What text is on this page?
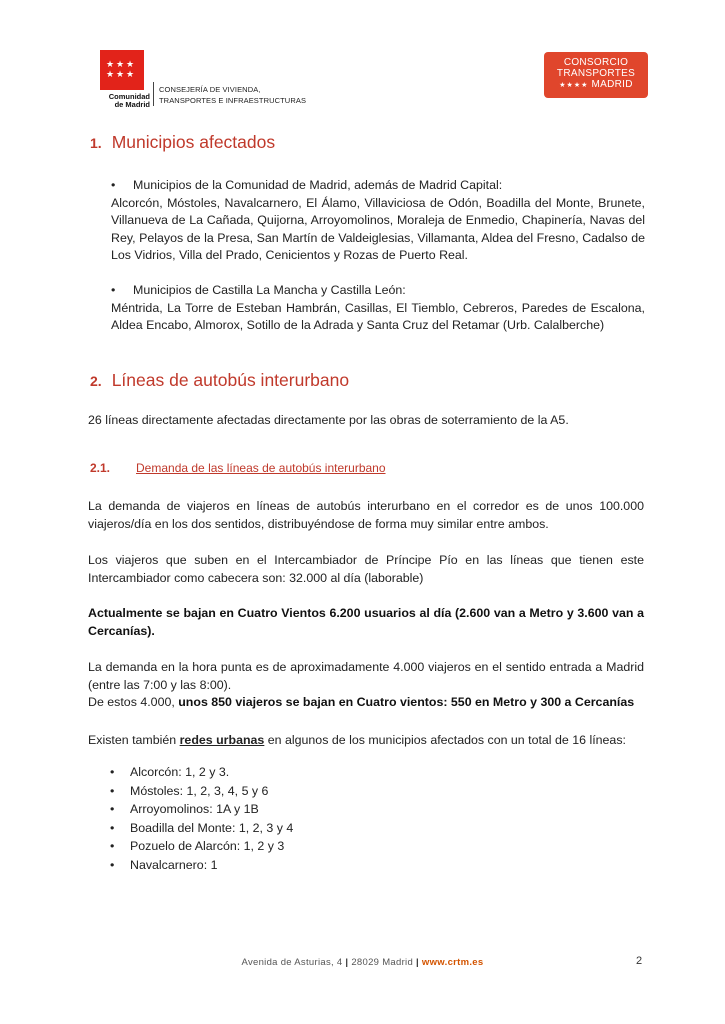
★ ★ ★
★ ★ ★
Comunidad
de Madrid
CONSEJERÍA DE VIVIENDA,
TRANSPORTES E INFRAESTRUCTURAS
CONSORCIO
TRANSPORTES
★★★★ MADRID
1. Municipios afectados

• Municipios de la Comunidad de Madrid, además de Madrid Capital:
Alcorcón, Móstoles, Navalcarnero, El Álamo, Villaviciosa de Odón, Boadilla del Monte, Brunete, Villanueva de La Cañada, Quijorna, Arroyomolinos, Moraleja de Enmedio, Chapinería, Navas del Rey, Pelayos de la Presa, San Martín de Valdeiglesias, Villamanta, Aldea del Fresno, Cadalso de Los Vidrios, Villa del Prado, Cenicientos y Rozas de Puerto Real.

• Municipios de Castilla La Mancha y Castilla León:
Méntrida, La Torre de Esteban Hambrán, Casillas, El Tiemblo, Cebreros, Paredes de Escalona, Aldea Encabo, Almorox, Sotillo de la Adrada y Santa Cruz del Retamar (Urb. Calalberche)

2. Líneas de autobús interurbano

26 líneas directamente afectadas directamente por las obras de soterramiento de la A5.

2.1. Demanda de las líneas de autobús interurbano

La demanda de viajeros en líneas de autobús interurbano en el corredor es de unos 100.000 viajeros/día en los dos sentidos, distribuyéndose de forma muy similar entre ambos.

Los viajeros que suben en el Intercambiador de Príncipe Pío en las líneas que tienen este Intercambiador como cabecera son: 32.000 al día (laborable)

Actualmente se bajan en Cuatro Vientos 6.200 usuarios al día (2.600 van a Metro y 3.600 van a Cercanías).

La demanda en la hora punta es de aproximadamente 4.000 viajeros en el sentido entrada a Madrid (entre las 7:00 y las 8:00).

De estos 4.000, unos 850 viajeros se bajan en Cuatro vientos: 550 en Metro y 300 a Cercanías

Existen también redes urbanas en algunos de los municipios afectados con un total de 16 líneas:

• Alcorcón: 1, 2 y 3.
• Móstoles: 1, 2, 3, 4, 5 y 6
• Arroyomolinos: 1A y 1B
• Boadilla del Monte: 1, 2, 3 y 4
• Pozuelo de Alarcón: 1, 2 y 3
• Navalcarnero: 1
Avenida de Asturias, 4 | 28029 Madrid | www.crtm.es	2
